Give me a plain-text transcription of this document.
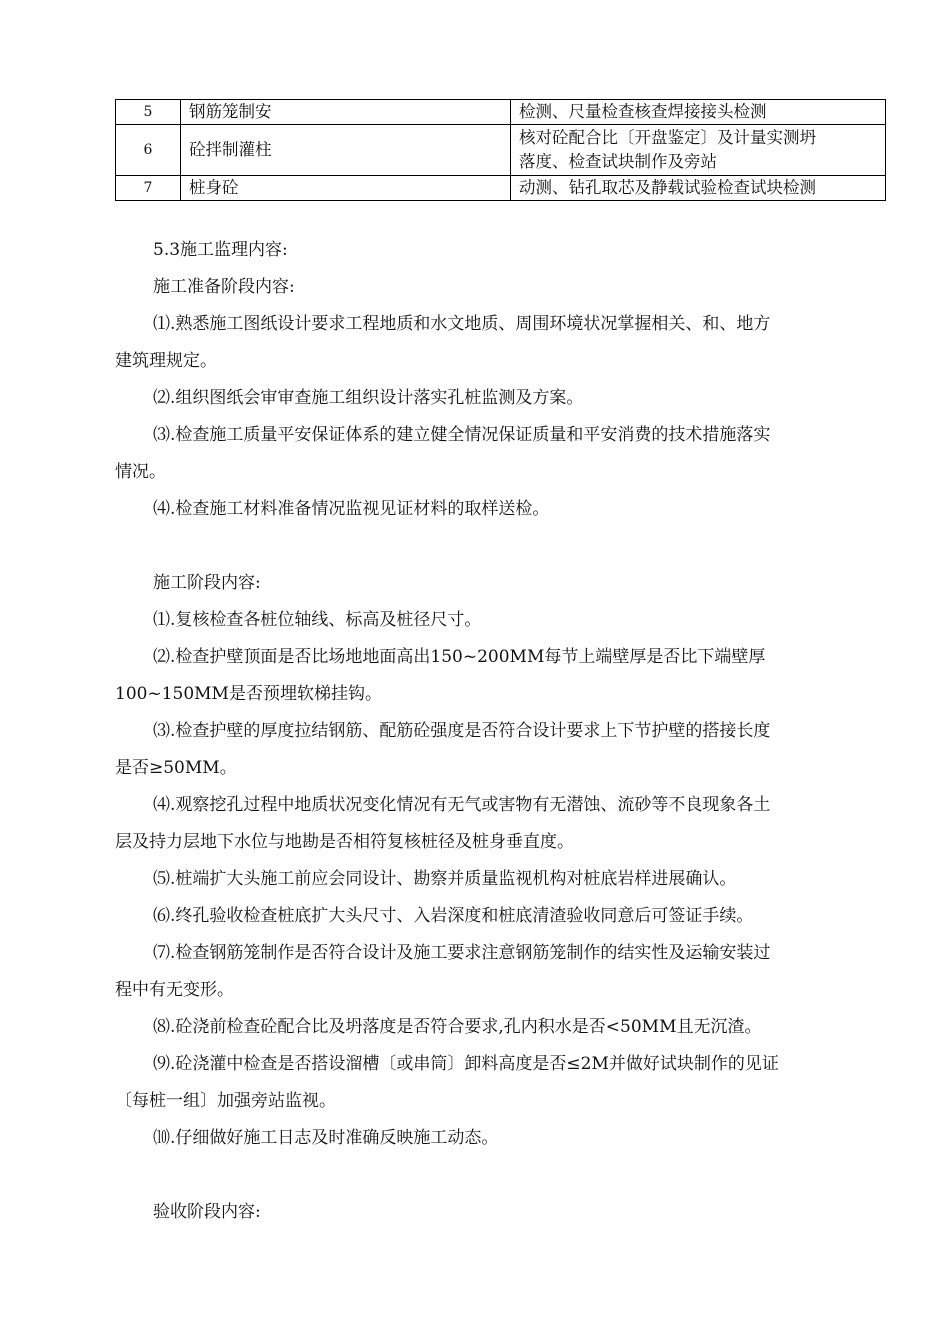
5	钢筋笼制安	检测、尺量检查核查焊接接头检测
6	砼拌制灌柱	核对砼配合比〔开盘鉴定〕及计量实测坍
落度、检查试块制作及旁站

7	桩身砼	动测、钻孔取芯及静载试验检查试块检测

5.3施工监理内容:

施工准备阶段内容:

⑴.熟悉施工图纸设计要求工程地质和水文地质、周围环境状况掌握相关、和、地方
建筑理规定。
⑵.组织图纸会审审查施工组织设计落实孔桩监测及方案。
⑶.检查施工质量平安保证体系的建立健全情况保证质量和平安消费的技术措施落实
情况。
⑷.检查施工材料准备情况监视见证材料的取样送检。

施工阶段内容:

⑴.复核检查各桩位轴线、标高及桩径尺寸。
⑵.检查护壁顶面是否比场地地面高出150~200MM每节上端壁厚是否比下端壁厚
100~150MM是否预埋软梯挂钩。
⑶.检查护壁的厚度拉结钢筋、配筋砼强度是否符合设计要求上下节护壁的搭接长度
是否≥50MM。
⑷.观察挖孔过程中地质状况变化情况有无气或害物有无潜蚀、流砂等不良现象各土
层及持力层地下水位与地勘是否相符复核桩径及桩身垂直度。
⑸.桩端扩大头施工前应会同设计、勘察并质量监视机构对桩底岩样进展确认。
⑹.终孔验收检查桩底扩大头尺寸、入岩深度和桩底清渣验收同意后可签证手续。
⑺.检查钢筋笼制作是否符合设计及施工要求注意钢筋笼制作的结实性及运输安装过
程中有无变形。
⑻.砼浇前检查砼配合比及坍落度是否符合要求,孔内积水是否<50MM且无沉渣。
⑼.砼浇灌中检查是否搭设溜槽〔或串筒〕卸料高度是否≤2M并做好试块制作的见证
〔每桩一组〕加强旁站监视。
⑽.仔细做好施工日志及时准确反映施工动态。

验收阶段内容:
